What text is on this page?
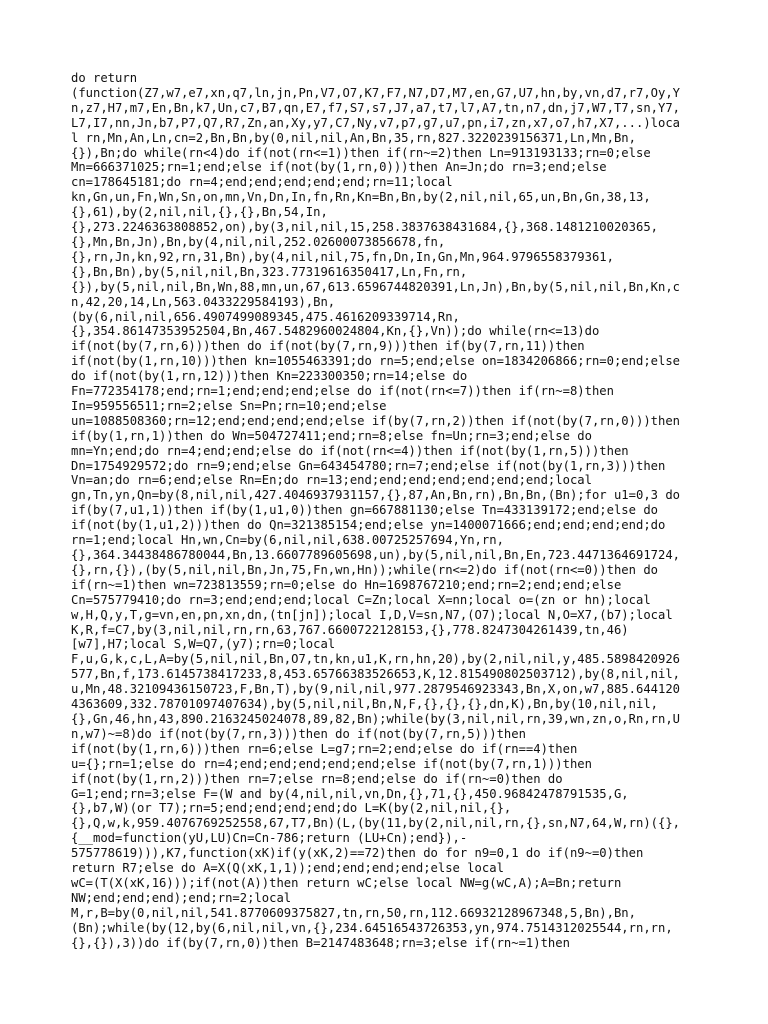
do return
(function(Z7,w7,e7,xn,q7,ln,jn,Pn,V7,O7,K7,F7,N7,D7,M7,en,G7,U7,hn,by,vn,d7,r7,Oy,Y
n,z7,H7,m7,En,Bn,k7,Un,c7,B7,qn,E7,f7,S7,s7,J7,a7,t7,l7,A7,tn,n7,dn,j7,W7,T7,sn,Y7,
L7,I7,nn,Jn,b7,P7,Q7,R7,Zn,an,Xy,y7,C7,Ny,v7,p7,g7,u7,pn,i7,zn,x7,o7,h7,X7,...)loca
l rn,Mn,An,Ln,cn=2,Bn,Bn,by(0,nil,nil,An,Bn,35,rn,827.3220239156371,Ln,Mn,Bn,
{}),Bn;do while(rn<4)do if(not(rn<=1))then if(rn~=2)then Ln=913193133;rn=0;else
Mn=666371025;rn=1;end;else if(not(by(1,rn,0)))then An=Jn;do rn=3;end;else
cn=178645181;do rn=4;end;end;end;end;end;rn=11;local
kn,Gn,un,Fn,Wn,Sn,on,mn,Vn,Dn,In,fn,Rn,Kn=Bn,Bn,by(2,nil,nil,65,un,Bn,Gn,38,13,
{},61),by(2,nil,nil,{},{},Bn,54,In,
{},273.2246363808852,on),by(3,nil,nil,15,258.3837638431684,{},368.1481210020365,
{},Mn,Bn,Jn),Bn,by(4,nil,nil,252.02600073856678,fn,
{},rn,Jn,kn,92,rn,31,Bn),by(4,nil,nil,75,fn,Dn,In,Gn,Mn,964.9796558379361,
{},Bn,Bn),by(5,nil,nil,Bn,323.77319616350417,Ln,Fn,rn,
{}),by(5,nil,nil,Bn,Wn,88,mn,un,67,613.6596744820391,Ln,Jn),Bn,by(5,nil,nil,Bn,Kn,c
n,42,20,14,Ln,563.0433229584193),Bn,
(by(6,nil,nil,656.4907499089345,475.4616209339714,Rn,
{},354.86147353952504,Bn,467.5482960024804,Kn,{},Vn));do while(rn<=13)do
if(not(by(7,rn,6)))then do if(not(by(7,rn,9)))then if(by(7,rn,11))then
if(not(by(1,rn,10)))then kn=1055463391;do rn=5;end;else on=1834206866;rn=0;end;else
do if(not(by(1,rn,12)))then Kn=223300350;rn=14;else do
Fn=772354178;end;rn=1;end;end;end;else do if(not(rn<=7))then if(rn~=8)then
In=959556511;rn=2;else Sn=Pn;rn=10;end;else
un=1088508360;rn=12;end;end;end;end;else if(by(7,rn,2))then if(not(by(7,rn,0)))then
if(by(1,rn,1))then do Wn=504727411;end;rn=8;else fn=Un;rn=3;end;else do
mn=Yn;end;do rn=4;end;end;else do if(not(rn<=4))then if(not(by(1,rn,5)))then
Dn=1754929572;do rn=9;end;else Gn=643454780;rn=7;end;else if(not(by(1,rn,3)))then
Vn=an;do rn=6;end;else Rn=En;do rn=13;end;end;end;end;end;end;end;local
gn,Tn,yn,Qn=by(8,nil,nil,427.4046937931157,{},87,An,Bn,rn),Bn,Bn,(Bn);for u1=0,3 do
if(by(7,u1,1))then if(by(1,u1,0))then gn=667881130;else Tn=433139172;end;else do
if(not(by(1,u1,2)))then do Qn=321385154;end;else yn=1400071666;end;end;end;end;do
rn=1;end;local Hn,wn,Cn=by(6,nil,nil,638.00725257694,Yn,rn,
{},364.34438486780044,Bn,13.6607789605698,un),by(5,nil,nil,Bn,En,723.4471364691724,
{},rn,{}),(by(5,nil,nil,Bn,Jn,75,Fn,wn,Hn));while(rn<=2)do if(not(rn<=0))then do
if(rn~=1)then wn=723813559;rn=0;else do Hn=1698767210;end;rn=2;end;end;else
Cn=575779410;do rn=3;end;end;end;local C=Zn;local X=nn;local o=(zn or hn);local
w,H,Q,y,T,g=vn,en,pn,xn,dn,(tn[jn]);local I,D,V=sn,N7,(O7);local N,O=X7,(b7);local
K,R,f=C7,by(3,nil,nil,rn,rn,63,767.6600722128153,{},778.8247304261439,tn,46)
[w7],H7;local S,W=Q7,(y7);rn=0;local
F,u,G,k,c,L,A=by(5,nil,nil,Bn,O7,tn,kn,u1,K,rn,hn,20),by(2,nil,nil,y,485.5898420926
577,Bn,f,173.6145738417233,8,453.65766383526653,K,12.815490802503712),by(8,nil,nil,
u,Mn,48.32109436150723,F,Bn,T),by(9,nil,nil,977.2879546923343,Bn,X,on,w7,885.644120
4363609,332.78701097407634),by(5,nil,nil,Bn,N,F,{},{},{},dn,K),Bn,by(10,nil,nil,
{},Gn,46,hn,43,890.2163245024078,89,82,Bn);while(by(3,nil,nil,rn,39,wn,zn,o,Rn,rn,U
n,w7)~=8)do if(not(by(7,rn,3)))then do if(not(by(7,rn,5)))then
if(not(by(1,rn,6)))then rn=6;else L=g7;rn=2;end;else do if(rn==4)then
u={};rn=1;else do rn=4;end;end;end;end;end;else if(not(by(7,rn,1)))then
if(not(by(1,rn,2)))then rn=7;else rn=8;end;else do if(rn~=0)then do
G=1;end;rn=3;else F=(W and by(4,nil,nil,vn,Dn,{},71,{},450.96842478791535,G,
{},b7,W)(or T7);rn=5;end;end;end;end;do L=K(by(2,nil,nil,{},
{},Q,w,k,959.4076769252558,67,T7,Bn)(L,(by(11,by(2,nil,nil,rn,{},sn,N7,64,W,rn)({},
{__mod=function(yU,LU)Cn=Cn-786;return (LU+Cn);end}),-
575778619))),K7,function(xK)if(y(xK,2)==72)then do for n9=0,1 do if(n9~=0)then
return R7;else do A=X(Q(xK,1,1));end;end;end;end;else local
wC=(T(X(xK,16)));if(not(A))then return wC;else local NW=g(wC,A);A=Bn;return
NW;end;end;end);end;rn=2;local
M,r,B=by(0,nil,nil,541.8770609375827,tn,rn,50,rn,112.66932128967348,5,Bn),Bn,
(Bn);while(by(12,by(6,nil,nil,vn,{},234.64516543726353,yn,974.7514312025544,rn,rn,
{},{}),3))do if(by(7,rn,0))then B=2147483648;rn=3;else if(rn~=1)then
